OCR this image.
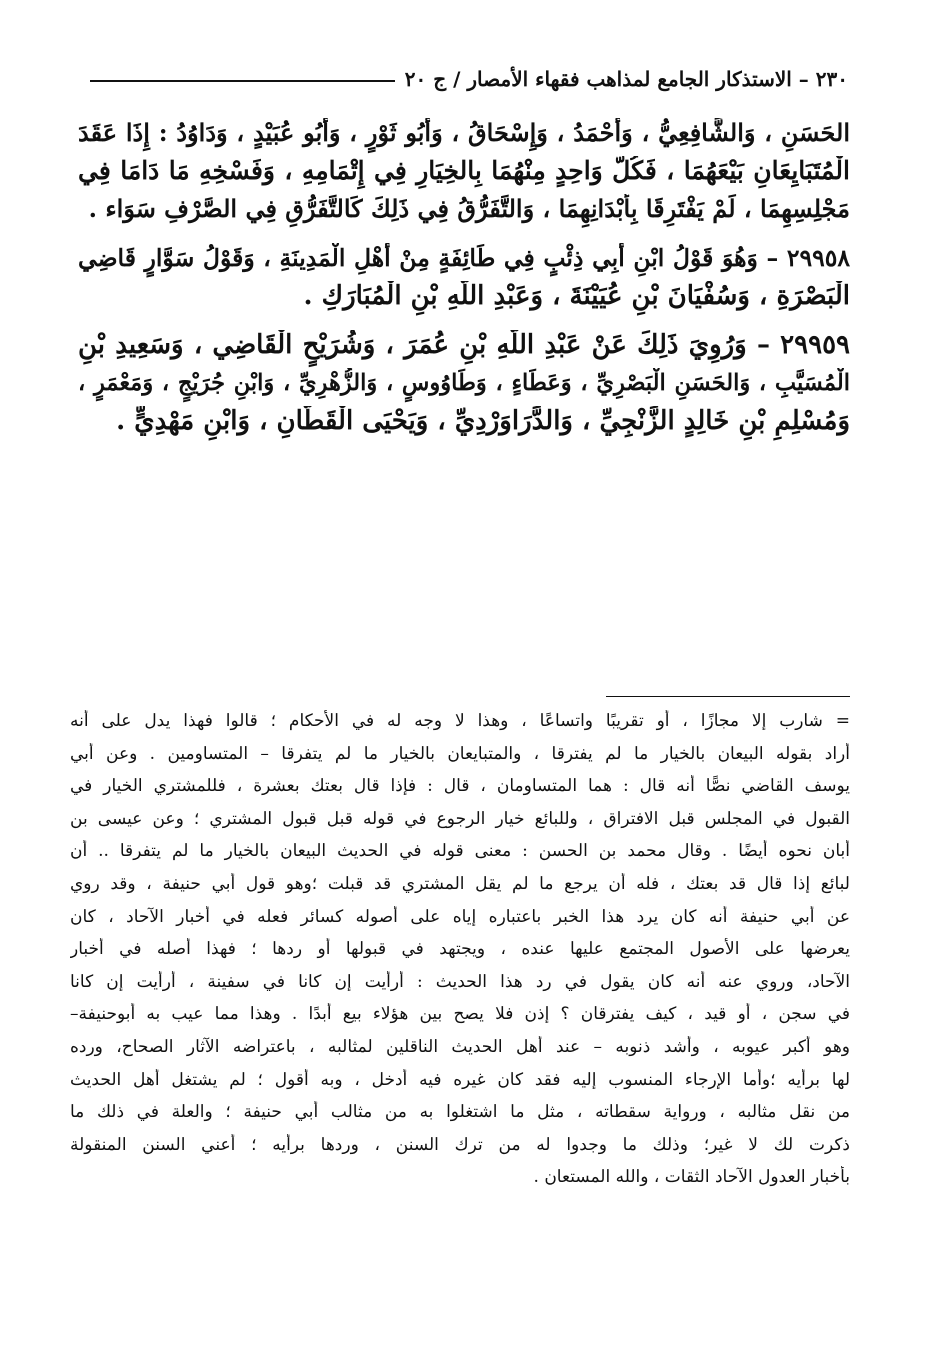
٢٣٠ – الاستذكار الجامع لمذاهب فقهاء الأمصار / ج ٢٠
الحَسَنِ ، وَالشَّافِعِيُّ ، وَأَحْمَدُ ، وَإِسْحَاقُ ، وَأَبُو ثَوْرٍ ، وَأَبُو عُبَيْدٍ ، وَدَاوُدُ : إِذَا عَقَدَ
الْمُتَبَايِعَانِ بَيْعَهُمَا ، فَكُلُّ وَاحِدٍ مِنْهُمَا بِالخِيَارِ فِي إِتْمَامِهِ ، وَفَسْخِهِ مَا دَامَا فِي
مَجْلِسِهِمَا ، لَمْ يَفْتَرِقَا بِأَبْدَانِهِمَا ، وَالتَّفَرُّقُ فِي ذَلِكَ كَالتَّفَرُّقِ فِي الصَّرْفِ سَوَاء .
٢٩٩٥٨ – وَهُوَ قَوْلُ ابْنِ أَبِي ذِئْبٍ فِي طَائِفَةٍ مِنْ أَهْلِ الْمَدِينَةِ ، وَقَوْلُ سَوَّارٍ قَاضِي
الْبَصْرَةِ ، وَسُفْيَانَ بْنِ عُيَيْنَةَ ، وَعَبْدِ اللَّهِ بْنِ الْمُبَارَكِ .
٢٩٩٥٩ – وَرُوِيَ ذَلِكَ عَنْ عَبْدِ اللَّهِ بْنِ عُمَرَ ، وَشُرَيْحٍ الْقَاضِي ، وَسَعِيدِ بْنِ
الْمُسَيَّبِ ، وَالحَسَنِ الْبَصْرِيِّ ، وَعَطَاءٍ ، وَطَاوُوسٍ ، وَالزُّهْرِيِّ ، وَابْنِ جُرَيْجٍ ، وَمَعْمَرٍ ،
وَمُسْلِمِ بْنِ خَالِدٍ الزَّنْجِيِّ ، وَالدَّرَاوَرْدِيِّ ، وَيَحْيَى الْقَطَّانِ ، وَابْنِ مَهْدِيٍّ .
= شارب إلا مجازًا ، أو تقريبًا واتساعًا ، وهذا لا وجه له في الأحكام ؛ قالوا فهذا يدل على أنه
أراد بقوله البيعان بالخيار ما لم يفترقا ، والمتبايعان بالخيار ما لم يتفرقا – المتساومين . وعن أبي
يوسف القاضي نصًّا أنه قال : هما المتساومان ، قال : فإذا قال بعتك بعشرة ، فللمشتري الخيار في
القبول في المجلس قبل الافتراق ، وللبائع خيار الرجوع في قوله قبل قبول المشتري ؛ وعن عيسى بن
أبان نحوه أيضًا . وقال محمد بن الحسن : معنى قوله في الحديث البيعان بالخيار ما لم يتفرقا .. أن
لبائع إذا قال قد بعتك ، فله أن يرجع ما لم يقل المشتري قد قبلت ؛وهو قول أبي حنيفة ، وقد روي
عن أبي حنيفة أنه كان يرد هذا الخبر باعتباره إياه على أصوله كسائر فعله في أخبار الآحاد ، كان
يعرضها على الأصول المجتمع عليها عنده ، ويجتهد في قبولها أو ردها ؛ فهذا أصله في أخبار
الآحاد، وروي عنه أنه كان يقول في رد هذا الحديث : أرأيت إن كانا في سفينة ، أرأيت إن كانا
في سجن ، أو قيد ، كيف يفترقان ؟ إذن فلا يصح بين هؤلاء بيع أبدًا . وهذا مما عيب به أبوحنيفة–
وهو أكبر عيوبه ، وأشد ذنوبه – عند أهل الحديث الناقلين لمثالبه ، باعتراضه الآثار الصحاح، ورده
لها برأيه ؛وأما الإرجاء المنسوب إليه فقد كان غيره فيه أدخل ، وبه أقول ؛ لم يشتغل أهل الحديث
من نقل مثالبه ، ورواية سقطاته ، مثل ما اشتغلوا به من مثالب أبي حنيفة ؛ والعلة في ذلك ما
ذكرت لك لا غير؛ وذلك ما وجدوا له من ترك السنن ، وردها برأيه ؛ أعني السنن المنقولة
بأخبار العدول الآحاد الثقات ، والله المستعان .
